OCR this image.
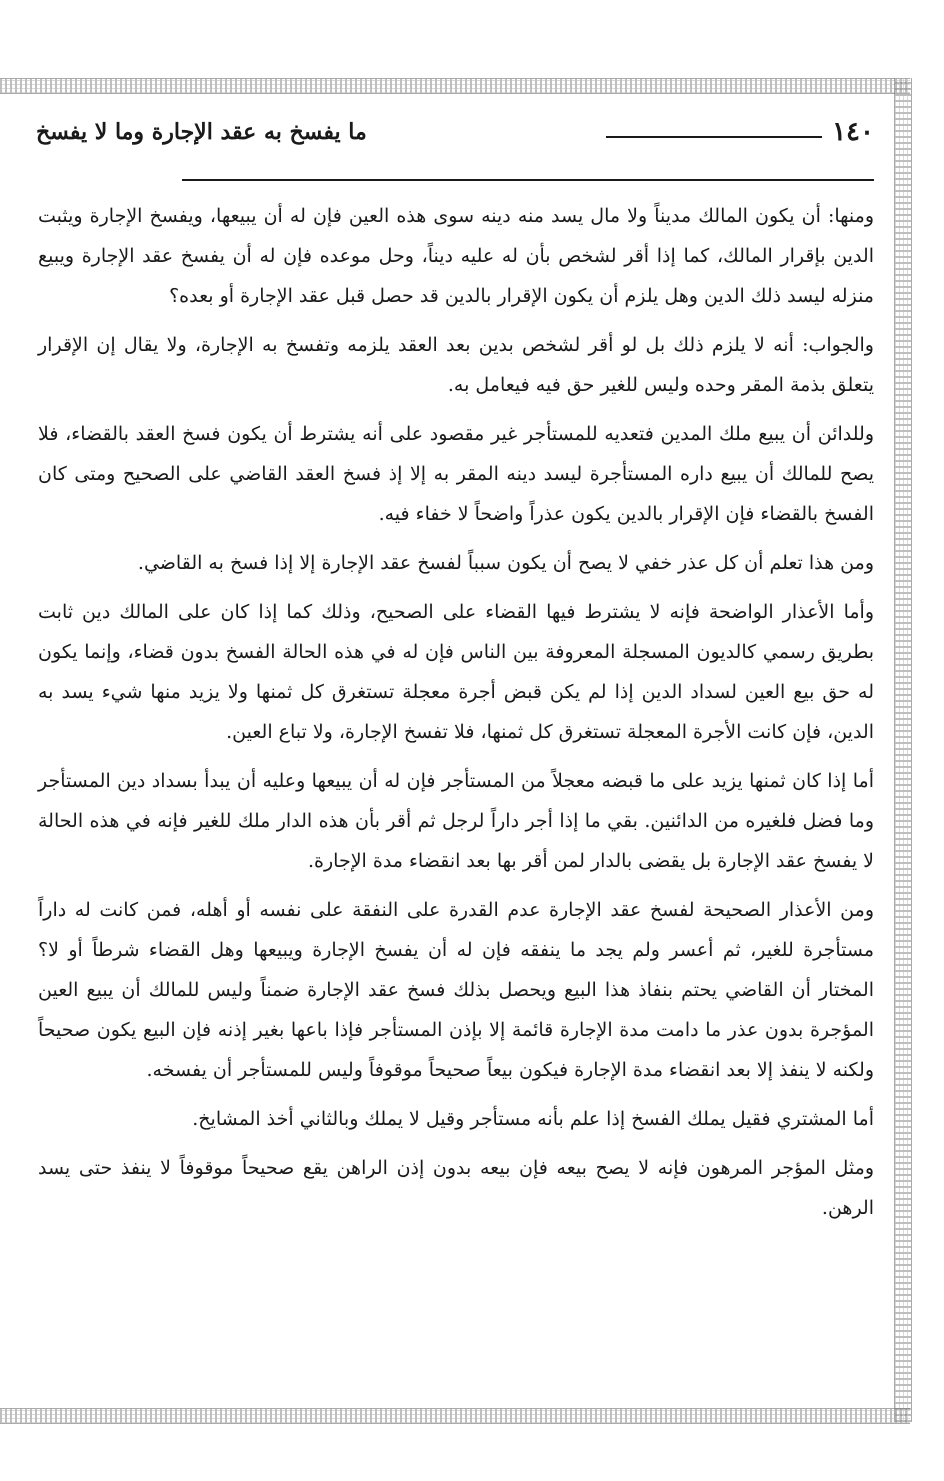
١٤٠
ما يفسخ به عقد الإجارة وما لا يفسخ

ومنها: أن يكون المالك مديناً ولا مال يسد منه دينه سوى هذه العين فإن له أن يبيعها، ويفسخ الإجارة ويثبت الدين بإقرار المالك، كما إذا أقر لشخص بأن له عليه ديناً، وحل موعده فإن له أن يفسخ عقد الإجارة ويبيع منزله ليسد ذلك الدين وهل يلزم أن يكون الإقرار بالدين قد حصل قبل عقد الإجارة أو بعده؟

والجواب: أنه لا يلزم ذلك بل لو أقر لشخص بدين بعد العقد يلزمه وتفسخ به الإجارة، ولا يقال إن الإقرار يتعلق بذمة المقر وحده وليس للغير حق فيه فيعامل به.

وللدائن أن يبيع ملك المدين فتعديه للمستأجر غير مقصود على أنه يشترط أن يكون فسخ العقد بالقضاء، فلا يصح للمالك أن يبيع داره المستأجرة ليسد دينه المقر به إلا إذ فسخ العقد القاضي على الصحيح ومتى كان الفسخ بالقضاء فإن الإقرار بالدين يكون عذراً واضحاً لا خفاء فيه.

ومن هذا تعلم أن كل عذر خفي لا يصح أن يكون سبباً لفسخ عقد الإجارة إلا إذا فسخ به القاضي.

وأما الأعذار الواضحة فإنه لا يشترط فيها القضاء على الصحيح، وذلك كما إذا كان على المالك دين ثابت بطريق رسمي كالديون المسجلة المعروفة بين الناس فإن له في هذه الحالة الفسخ بدون قضاء، وإنما يكون له حق بيع العين لسداد الدين إذا لم يكن قبض أجرة معجلة تستغرق كل ثمنها ولا يزيد منها شيء يسد به الدين، فإن كانت الأجرة المعجلة تستغرق كل ثمنها، فلا تفسخ الإجارة، ولا تباع العين.

أما إذا كان ثمنها يزيد على ما قبضه معجلاً من المستأجر فإن له أن يبيعها وعليه أن يبدأ بسداد دين المستأجر وما فضل فلغيره من الدائنين. بقي ما إذا أجر داراً لرجل ثم أقر بأن هذه الدار ملك للغير فإنه في هذه الحالة لا يفسخ عقد الإجارة بل يقضى بالدار لمن أقر بها بعد انقضاء مدة الإجارة.

ومن الأعذار الصحيحة لفسخ عقد الإجارة عدم القدرة على النفقة على نفسه أو أهله، فمن كانت له داراً مستأجرة للغير، ثم أعسر ولم يجد ما ينفقه فإن له أن يفسخ الإجارة ويبيعها وهل القضاء شرطاً أو لا؟ المختار أن القاضي يحتم بنفاذ هذا البيع ويحصل بذلك فسخ عقد الإجارة ضمناً وليس للمالك أن يبيع العين المؤجرة بدون عذر ما دامت مدة الإجارة قائمة إلا بإذن المستأجر فإذا باعها بغير إذنه فإن البيع يكون صحيحاً ولكنه لا ينفذ إلا بعد انقضاء مدة الإجارة فيكون بيعاً صحيحاً موقوفاً وليس للمستأجر أن يفسخه.

أما المشتري فقيل يملك الفسخ إذا علم بأنه مستأجر وقيل لا يملك وبالثاني أخذ المشايخ.

ومثل المؤجر المرهون فإنه لا يصح بيعه فإن بيعه بدون إذن الراهن يقع صحيحاً موقوفاً لا ينفذ حتى يسد الرهن.
